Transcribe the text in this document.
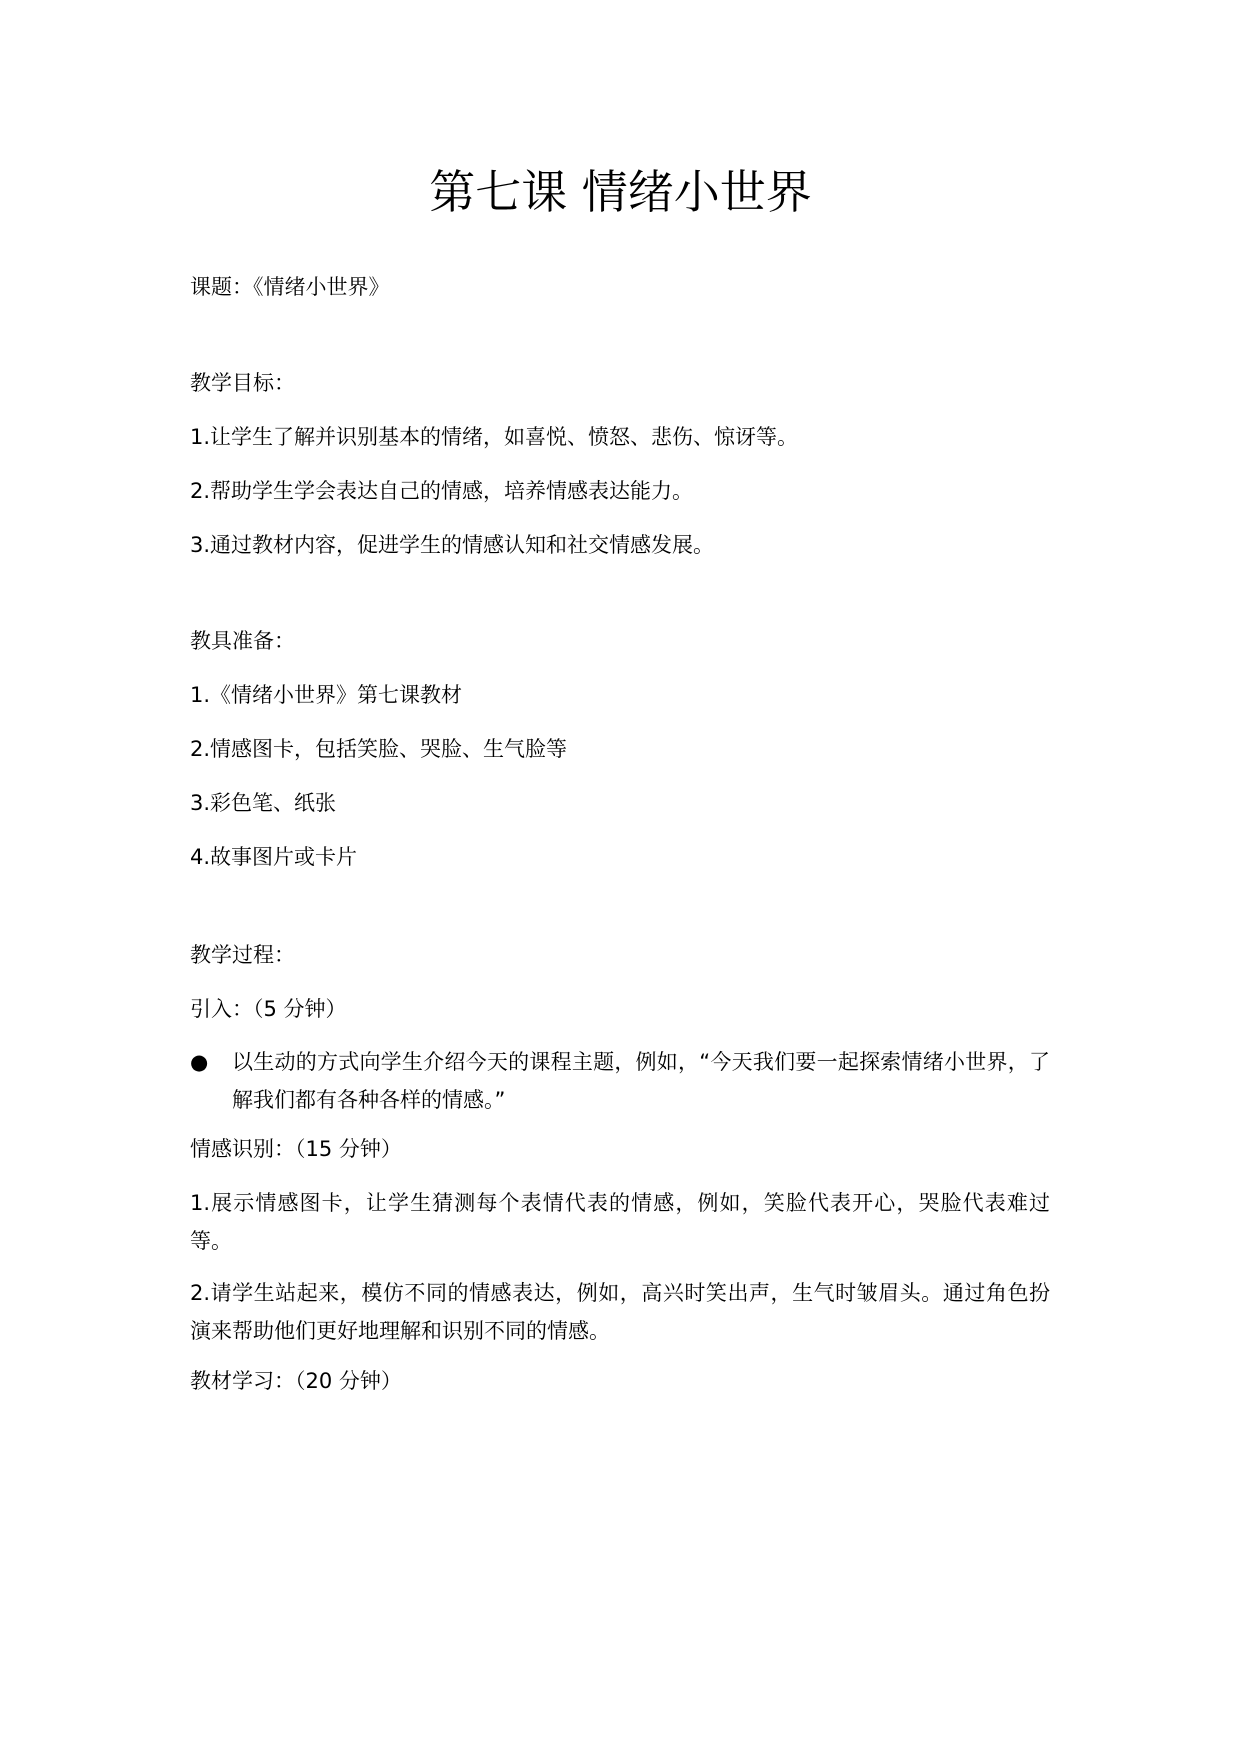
第七课 情绪小世界

课题：《情绪小世界》

教学目标：

1.让学生了解并识别基本的情绪，如喜悦、愤怒、悲伤、惊讶等。

2.帮助学生学会表达自己的情感，培养情感表达能力。

3.通过教材内容，促进学生的情感认知和社交情感发展。

教具准备：

1.《情绪小世界》第七课教材

2.情感图卡，包括笑脸、哭脸、生气脸等

3.彩色笔、纸张

4.故事图片或卡片

教学过程：

引入：（5 分钟）

●	以生动的方式向学生介绍今天的课程主题，例如，“今天我们要一起探索情绪小世界，了解我们都有各种各样的情感。”

情感识别：（15 分钟）

1.展示情感图卡，让学生猜测每个表情代表的情感，例如，笑脸代表开心，哭脸代表难过等。

2.请学生站起来，模仿不同的情感表达，例如，高兴时笑出声，生气时皱眉头。通过角色扮演来帮助他们更好地理解和识别不同的情感。

教材学习：（20 分钟）
